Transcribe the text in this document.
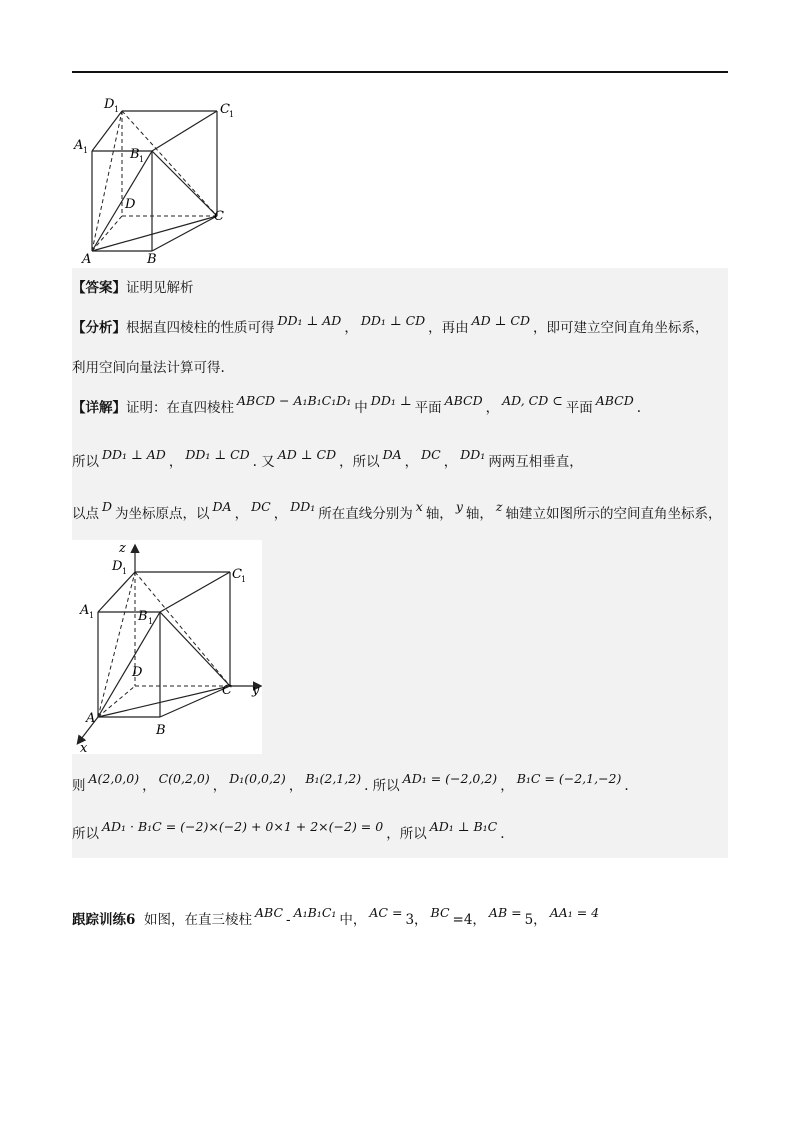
D 1	C 1
A 1	B 1
D
C
A	B
【答案】证明见解析
【分析】根据直四棱柱的性质可得 DD₁ ⊥ AD ， DD₁ ⊥ CD ，再由 AD ⊥ CD ，即可建立空间直角坐标系，
利用空间向量法计算可得.
【详解】证明：在直四棱柱 ABCD − A₁B₁C₁D₁ 中 DD₁ ⊥ 平面 ABCD ， AD, CD ⊂ 平面 ABCD .
所以 DD₁ ⊥ AD ， DD₁ ⊥ CD . 又 AD ⊥ CD ，所以 DA ， DC ， DD₁ 两两互相垂直，
以点 D 为坐标原点，以 DA ， DC ， DD₁ 所在直线分别为 x 轴， y 轴， z 轴建立如图所示的空间直角坐标系，
z
D 1	C 1
A 1	B 1
D
C y
A
B
x
则 A(2,0,0) ， C(0,2,0) ， D₁(0,0,2) ， B₁(2,1,2) . 所以 AD₁ = (−2,0,2) ， B₁C = (−2,1,−2) .
所以 AD₁ · B₁C = (−2)×(−2) + 0×1 + 2×(−2) = 0 ，所以 AD₁ ⊥ B₁C .
跟踪训练6 如图，在直三棱柱 ABC - A₁B₁C₁ 中， AC = 3， BC =4， AB = 5， AA₁ = 4
